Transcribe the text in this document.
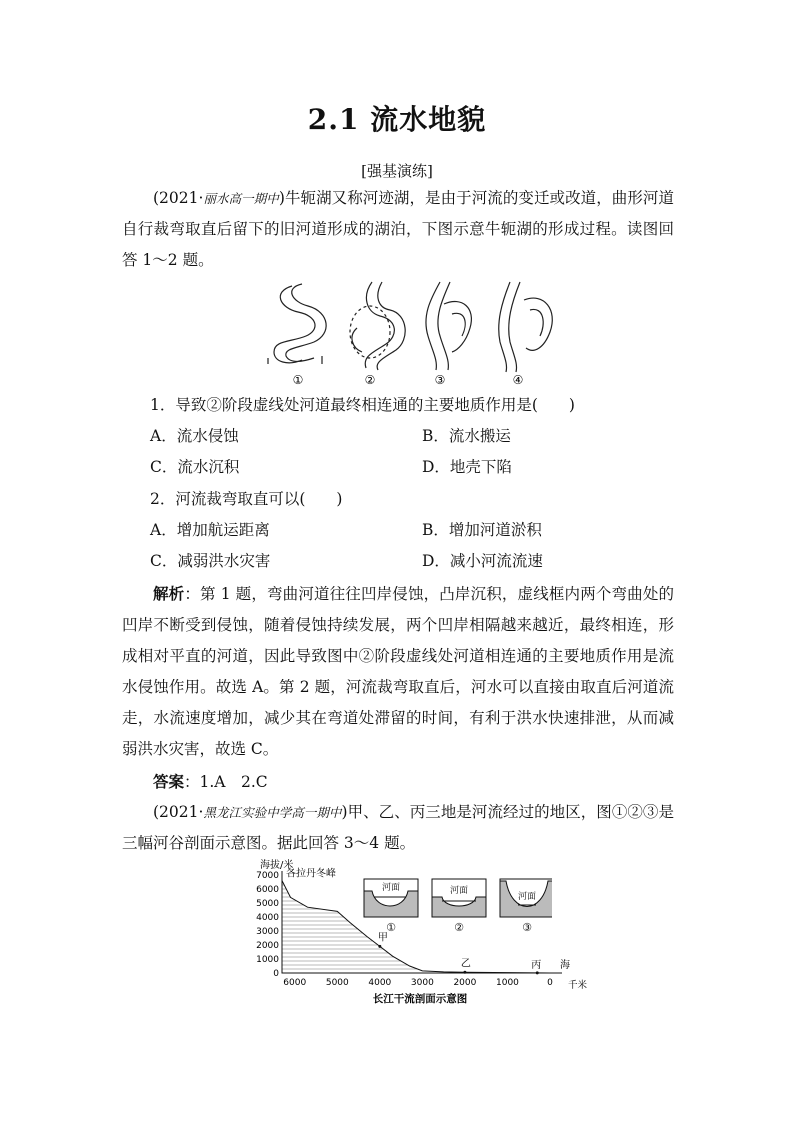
2.1 流水地貌
[强基演练]
(2021·丽水高一期中)牛轭湖又称河迹湖，是由于河流的变迁或改道，曲形河道自行裁弯取直后留下的旧河道形成的湖泊，下图示意牛轭湖的形成过程。读图回答 1～2 题。
①	②	③	④
1．导致②阶段虚线处河道最终相连通的主要地质作用是(　　)
A．流水侵蚀	B．流水搬运
C．流水沉积	D．地壳下陷
2．河流裁弯取直可以(　　)
A．增加航运距离	B．增加河道淤积
C．减弱洪水灾害	D．减小河流流速
解析：第 1 题，弯曲河道往往凹岸侵蚀，凸岸沉积，虚线框内两个弯曲处的凹岸不断受到侵蚀，随着侵蚀持续发展，两个凹岸相隔越来越近，最终相连，形成相对平直的河道，因此导致图中②阶段虚线处河道相连通的主要地质作用是流水侵蚀作用。故选 A。第 2 题，河流裁弯取直后，河水可以直接由取直后河道流走，水流速度增加，减少其在弯道处滞留的时间，有利于洪水快速排泄，从而减弱洪水灾害，故选 C。
答案：1.A　2.C
(2021·黑龙江实验中学高一期中)甲、乙、丙三地是河流经过的地区，图①②③是三幅河谷剖面示意图。据此回答 3～4 题。
海拔/米
7000
6000
5000
4000
3000
2000
1000
0
6000 5000 4000 3000 2000 1000	0
各拉丹冬峰
甲
乙	丙 海
千米
长江干流剖面示意图
河面
①
河面
②
河面
③
